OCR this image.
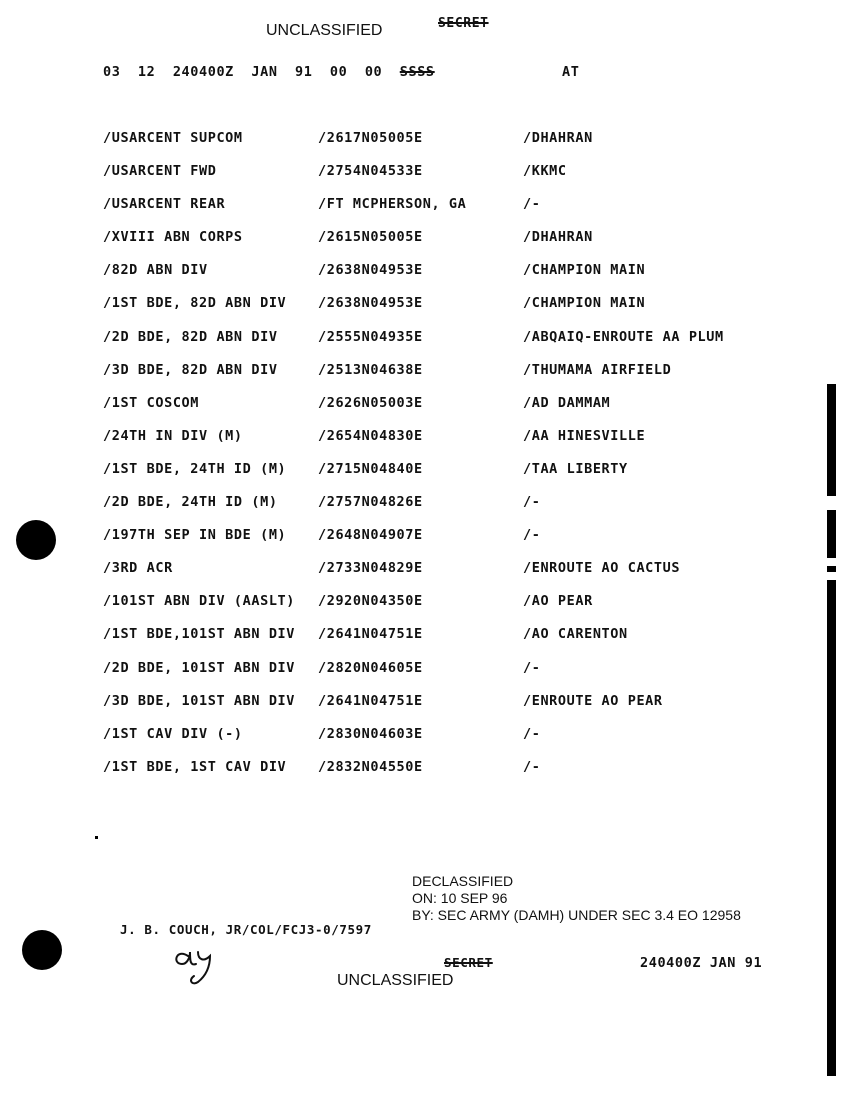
UNCLASSIFIED	SECRET
03  12  240400Z  JAN  91  00  00  SSSS	AT
/USARCENT SUPCOM	/2617N05005E	/DHAHRAN
/USARCENT FWD	/2754N04533E	/KKMC
/USARCENT REAR	/FT MCPHERSON, GA	/-
/XVIII ABN CORPS	/2615N05005E	/DHAHRAN
/82D ABN DIV	/2638N04953E	/CHAMPION MAIN
/1ST BDE, 82D ABN DIV /2638N04953E	/CHAMPION MAIN
/2D BDE, 82D ABN DIV	/2555N04935E	/ABQAIQ-ENROUTE AA PLUM
/3D BDE, 82D ABN DIV	/2513N04638E	/THUMAMA AIRFIELD
/1ST COSCOM	/2626N05003E	/AD DAMMAM
/24TH IN DIV (M)	/2654N04830E	/AA HINESVILLE
/1ST BDE, 24TH ID (M) /2715N04840E	/TAA LIBERTY
/2D BDE, 24TH ID (M)	/2757N04826E	/-
/197TH SEP IN BDE (M) /2648N04907E	/-
/3RD ACR	/2733N04829E	/ENROUTE AO CACTUS
/101ST ABN DIV (AASLT) /2920N04350E	/AO PEAR
/1ST BDE,101ST ABN DIV /2641N04751E	/AO CARENTON
/2D BDE, 101ST ABN DIV /2820N04605E	/-
/3D BDE, 101ST ABN DIV /2641N04751E	/ENROUTE AO PEAR
/1ST CAV DIV (-)	/2830N04603E	/-
/1ST BDE, 1ST CAV DIV /2832N04550E	/-
DECLASSIFIED
ON: 10 SEP 96
BY: SEC ARMY (DAMH) UNDER SEC 3.4 EO 12958
J. B. COUCH, JR/COL/FCJ3-0/7597
SECRET	240400Z JAN 91
UNCLASSIFIED
